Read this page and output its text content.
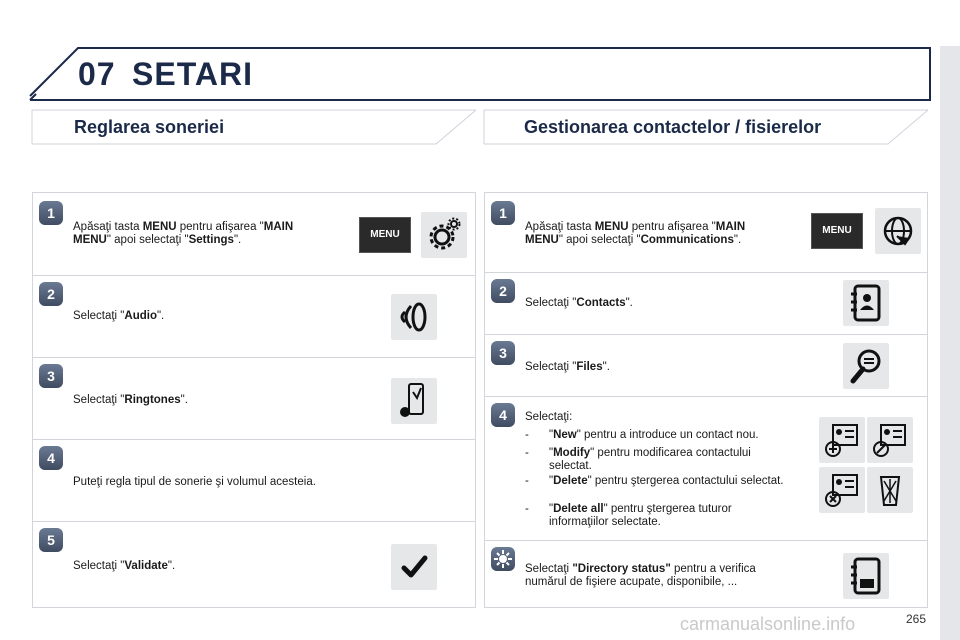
07 SETARI
Reglarea soneriei	Gestionarea contactelor / fisierelor
1
Apăsaţi tasta MENU pentru afişarea "MAIN MENU" apoi selectaţi "Settings".	MENU
2
Selectaţi "Audio".
3
Selectaţi "Ringtones".
4
Puteţi regla tipul de sonerie şi volumul acesteia.
5
Selectaţi "Validate".
1
Apăsaţi tasta MENU pentru afişarea "MAIN MENU" apoi selectaţi "Communications".
MENU
2
Selectaţi "Contacts".
3
Selectaţi "Files".
4	Selectaţi:
- "New" pentru a introduce un contact nou.
- "Modify" pentru modificarea contactului selectat.
- "Delete" pentru ştergerea contactului selectat.
- "Delete all" pentru ştergerea tuturor informaţiilor selectate.
Selectaţi "Directory status" pentru a verifica numărul de fişiere acupate, disponibile, ...
carmanualsonline.info	265
